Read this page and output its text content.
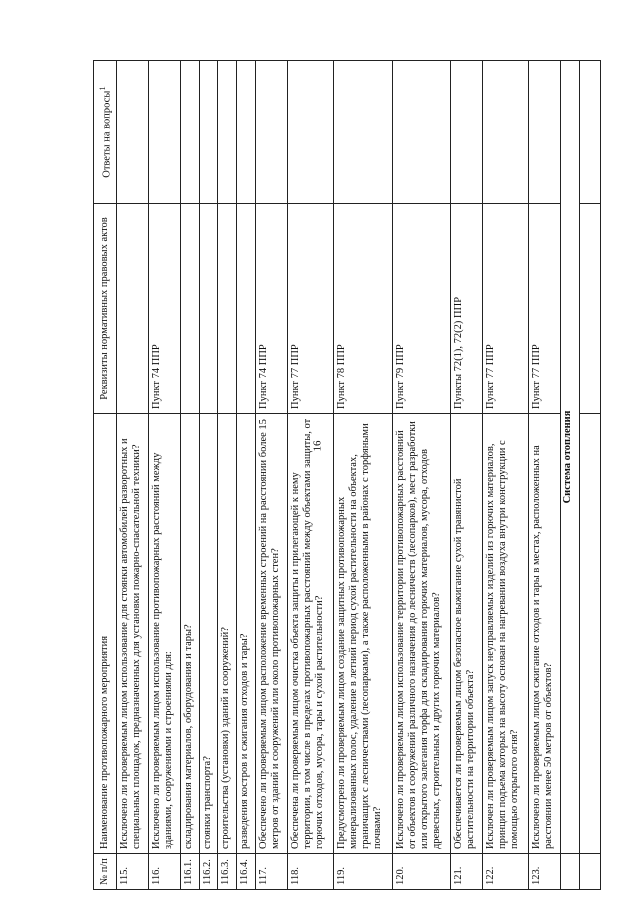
16
№ п/п	Наименование противопожарного мероприятия	Реквизиты нормативных правовых актов	Ответы на вопросы$^1$
115.	Исключено ли проверяемым лицом использование для стоянки автомобилей разворотных и специальных площадок, предназначенных для установки пожарно-спасательной техники?		
116.	Исключено ли проверяемым лицом использование противопожарных расстояний между зданиями, сооружениями и строениями для:	Пункт 74 ППР	
116.1.	складирования материалов, оборудования и тары?		
116.2.	стоянки транспорта?		
116.3.	строительства (установки) зданий и сооружений?		
116.4.	разведения костров и сжигания отходов и тары?		
117.	Обеспечено ли проверяемым лицом расположение временных строений на расстоянии более 15 метров от зданий и сооружений или около противопожарных стен?	Пункт 74 ППР	
118.	Обеспечена ли проверяемым лицом очистка объекта защиты и прилегающей к нему территории, в том числе в пределах противопожарных расстояний между объектами защиты, от горючих отходов, мусора, тары и сухой растительности?	Пункт 77 ППР	
119.	Предусмотрено ли проверяемым лицом создание защитных противопожарных минерализованных полос, удаление в летний период сухой растительности на объектах, граничащих с лесничествами (лесопарками), а также расположенными в районах с торфяными почвами?	Пункт 78 ППР	
120.	Исключено ли проверяемым лицом использование территории противопожарных расстояний от объектов и сооружений различного назначения до лесничеств (лесопарков), мест разработки или открытого залегания торфа для складирования горючих материалов, мусора, отходов древесных, строительных и других горючих материалов?	Пункт 79 ППР	
121.	Обеспечивается ли проверяемым лицом безопасное выжигание сухой травянистой растительности на территории объекта?	Пункты 72(1), 72(2) ППР	
122.	Исключен ли проверяемым лицом запуск неуправляемых изделий из горючих материалов, принцип подъема которых на высоту основан на нагревании воздуха внутри конструкции с помощью открытого огня?	Пункт 77 ППР	
123.	Исключено ли проверяемым лицом сжигание отходов и тары в местах, расположенных на расстоянии менее 50 метров от объектов?	Пункт 77 ППР	
	Система отопления		
